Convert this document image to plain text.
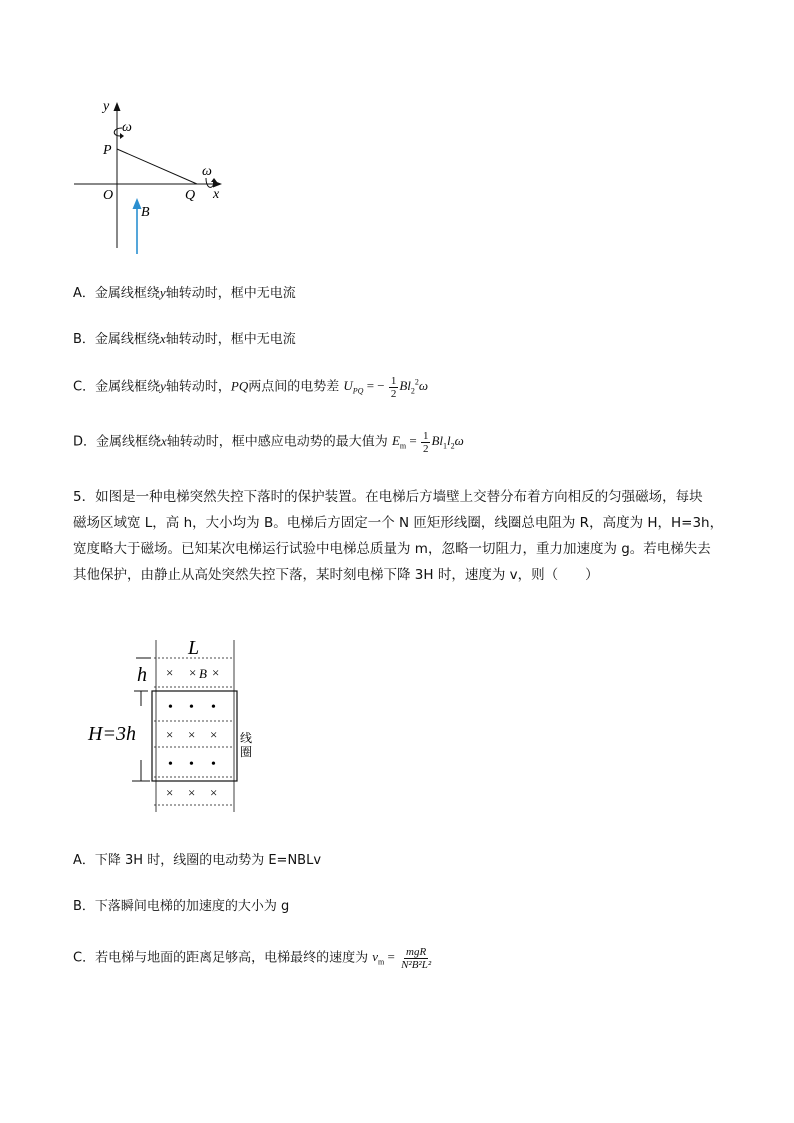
y
ω
P
ω
O	Q x
B
A．金属线框绕y轴转动时，框中无电流
B．金属线框绕x轴转动时，框中无电流
C．金属线框绕y轴转动时，PQ两点间的电势差 $U_{PQ}$ = − $\frac{1}{2} Bl_2^2\omega$
D．金属线框绕x轴转动时，框中感应电动势的最大值为 $E_m = \frac{1}{2} Bl_1l_2\omega$
5．如图是一种电梯突然失控下落时的保护装置。在电梯后方墙壁上交替分布着方向相反的匀强磁场，每块
磁场区域宽 L，高 h，大小均为 B。电梯后方固定一个 N 匝矩形线圈，线圈总电阻为 R，高度为 H，H=3h，
宽度略大于磁场。已知某次电梯运行试验中电梯总质量为 m，忽略一切阻力，重力加速度为 g。若电梯失去
其他保护，由静止从高处突然失控下落，某时刻电梯下降 3H 时，速度为 v，则（　　）
L
h
H=3h
× × B ×
• • •
× × ×
• • •
× × ×
线
圈
A．下降 3H 时，线圈的电动势为 E=NBLv
B．下落瞬间电梯的加速度的大小为 g
C．若电梯与地面的距离足够高，电梯最终的速度为 $v_m = \frac{\text{mgR}}{\text{N²B²L²}}$
